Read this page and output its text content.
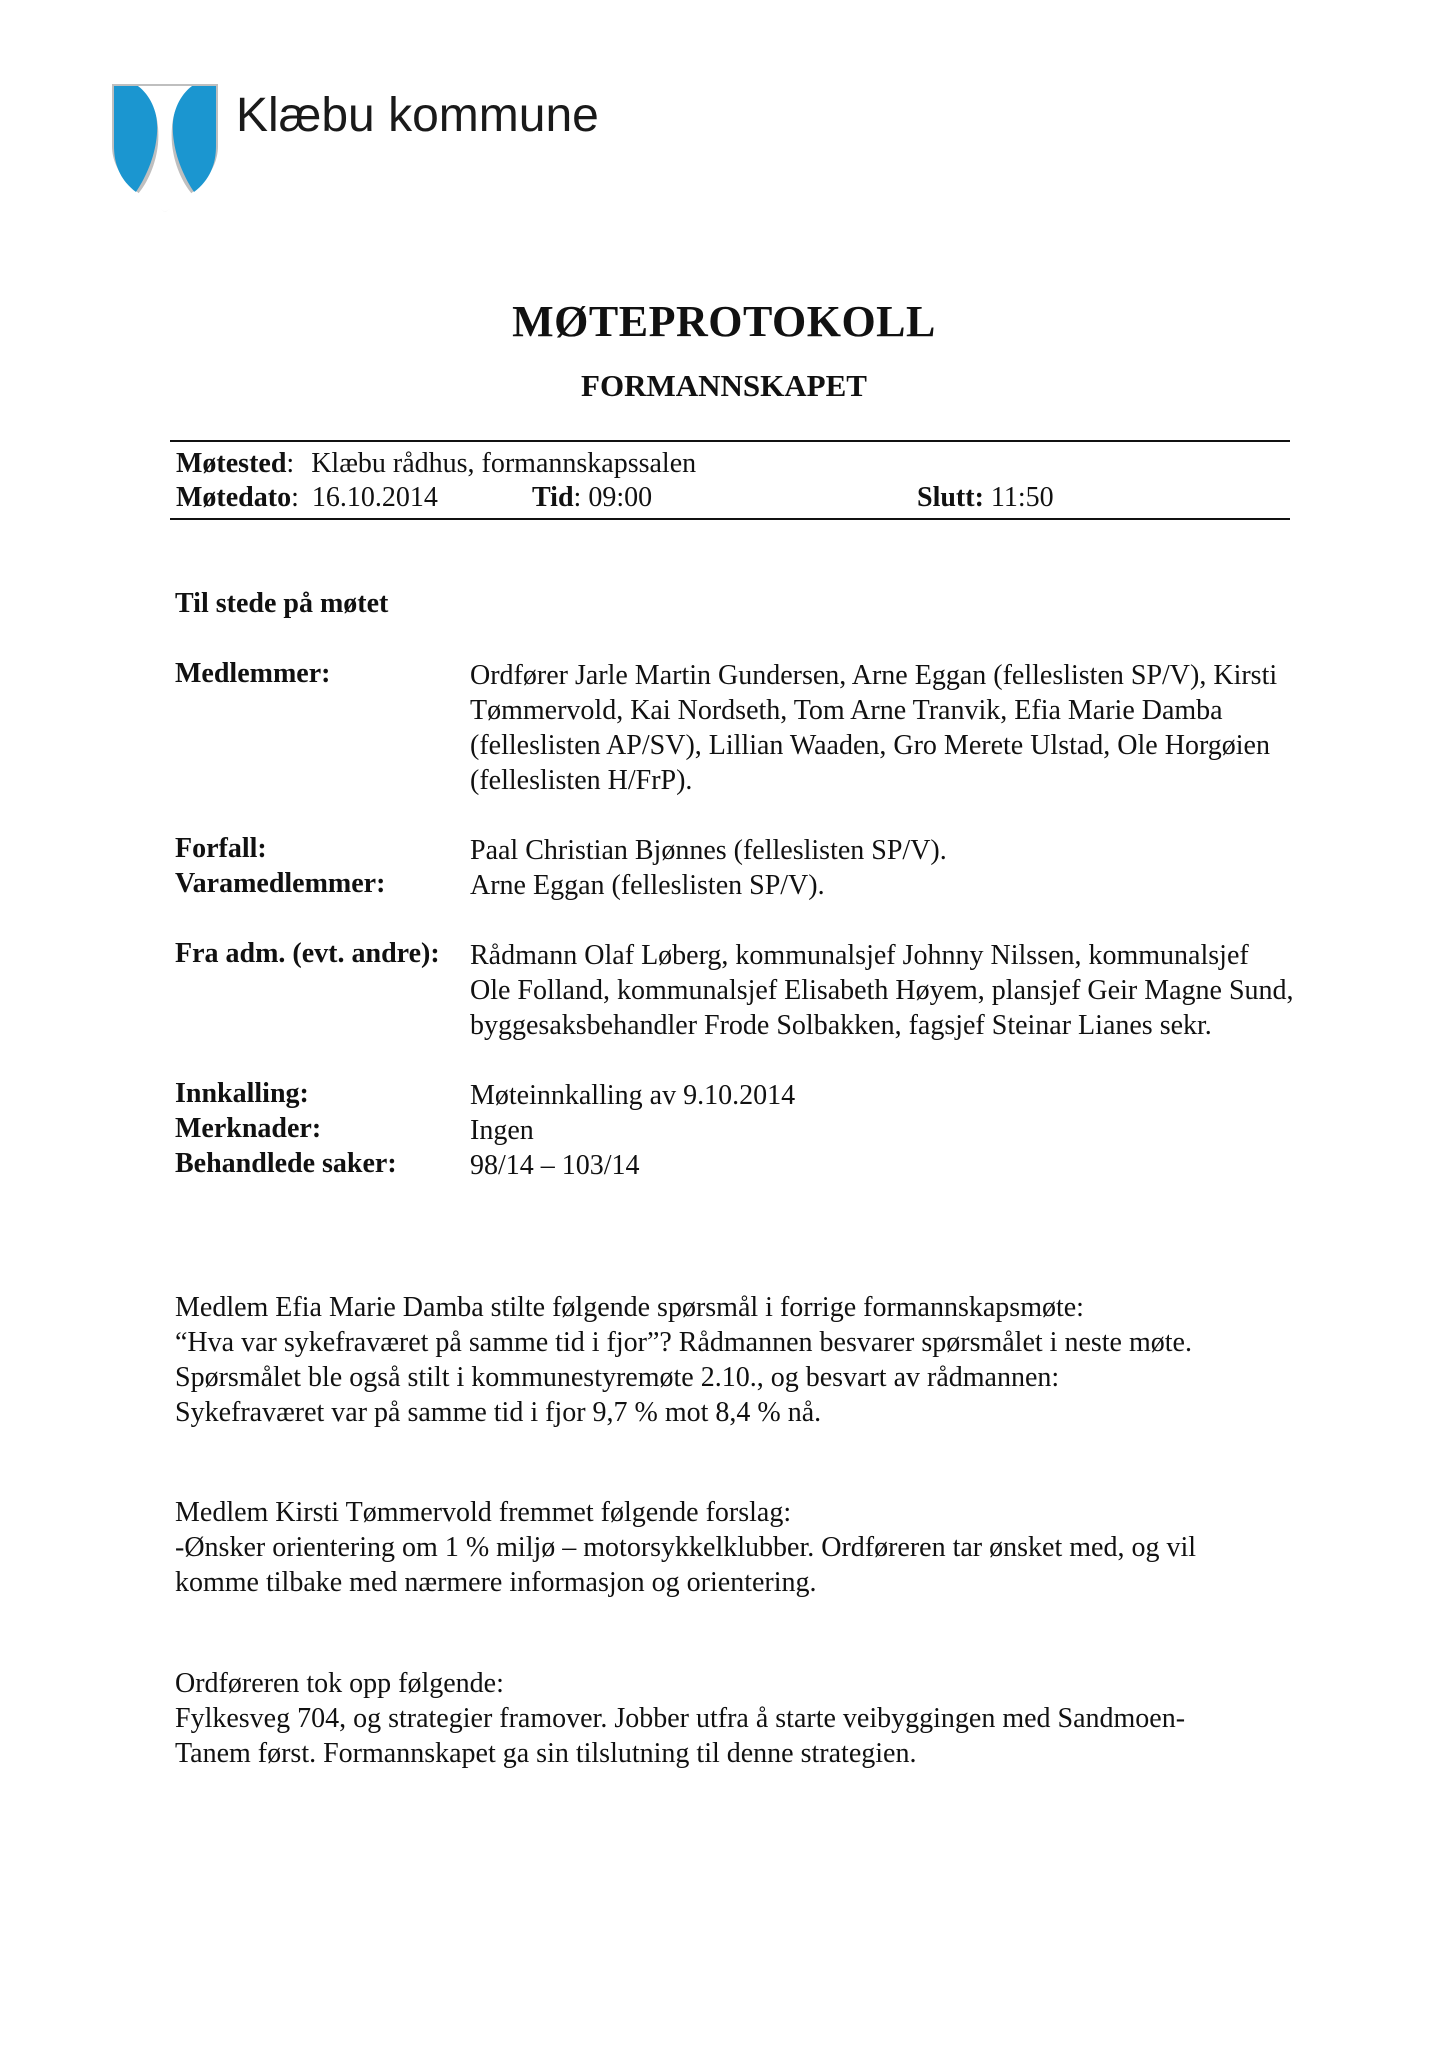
Klæbu kommune
MØTEPROTOKOLL
FORMANNSKAPET
Møtested: Klæbu rådhus, formannskapssalen
Møtedato: 16.10.2014	Tid: 09:00	Slutt: 11:50
Til stede på møtet
Medlemmer:	Ordfører Jarle Martin Gundersen, Arne Eggan (felleslisten SP/V), Kirsti Tømmervold, Kai Nordseth, Tom Arne Tranvik, Efia Marie Damba (felleslisten AP/SV), Lillian Waaden, Gro Merete Ulstad, Ole Horgøien (felleslisten H/FrP).
Forfall:	Paal Christian Bjønnes (felleslisten SP/V).
Varamedlemmer:	Arne Eggan (felleslisten SP/V).
Fra adm. (evt. andre): Rådmann Olaf Løberg, kommunalsjef Johnny Nilssen, kommunalsjef Ole Folland, kommunalsjef Elisabeth Høyem, plansjef Geir Magne Sund, byggesaksbehandler Frode Solbakken, fagsjef Steinar Lianes sekr.
Innkalling:	Møteinnkalling av 9.10.2014
Merknader:	Ingen
Behandlede saker:	98/14 – 103/14
Medlem Efia Marie Damba stilte følgende spørsmål i forrige formannskapsmøte:
“Hva var sykefraværet på samme tid i fjor”? Rådmannen besvarer spørsmålet i neste møte.
Spørsmålet ble også stilt i kommunestyremøte 2.10., og besvart av rådmannen:
Sykefraværet var på samme tid i fjor 9,7 % mot 8,4 % nå.
Medlem Kirsti Tømmervold fremmet følgende forslag:
-Ønsker orientering om 1 % miljø – motorsykkelklubber. Ordføreren tar ønsket med, og vil
komme tilbake med nærmere informasjon og orientering.
Ordføreren tok opp følgende:
Fylkesveg 704, og strategier framover. Jobber utfra å starte veibyggingen med Sandmoen-
Tanem først. Formannskapet ga sin tilslutning til denne strategien.
